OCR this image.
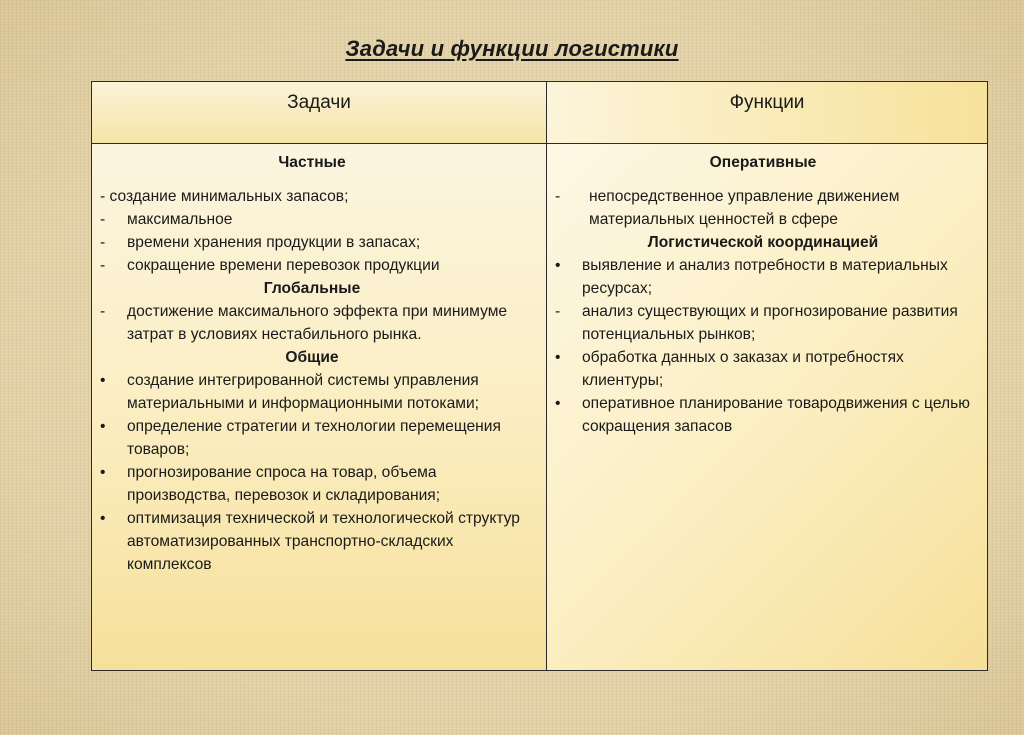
Задачи и функции логистики
Задачи
Частные
- создание минимальных запасов;
- максимальное
- времени хранения продукции в запасах;
- сокращение времени перевозок продукции
Глобальные
- достижение максимального эффекта при минимуме затрат в условиях нестабильного рынка.
Общие
• создание интегрированной системы управления материальными и информационными потоками;
• определение стратегии и технологии перемещения товаров;
• прогнозирование спроса на товар, объема производства, перевозок и складирования;
• оптимизация технической и технологической структур автоматизированных транспортно-складских комплексов
Функции
Оперативные
- непосредственное управление движением материальных ценностей в сфере
Логистической координацией
• выявление и анализ потребности в материальных ресурсах;
- анализ существующих и прогнозирование развития потенциальных рынков;
• обработка данных о заказах и потребностях клиентуры;
• оперативное планирование товародвижения с целью сокращения запасов
